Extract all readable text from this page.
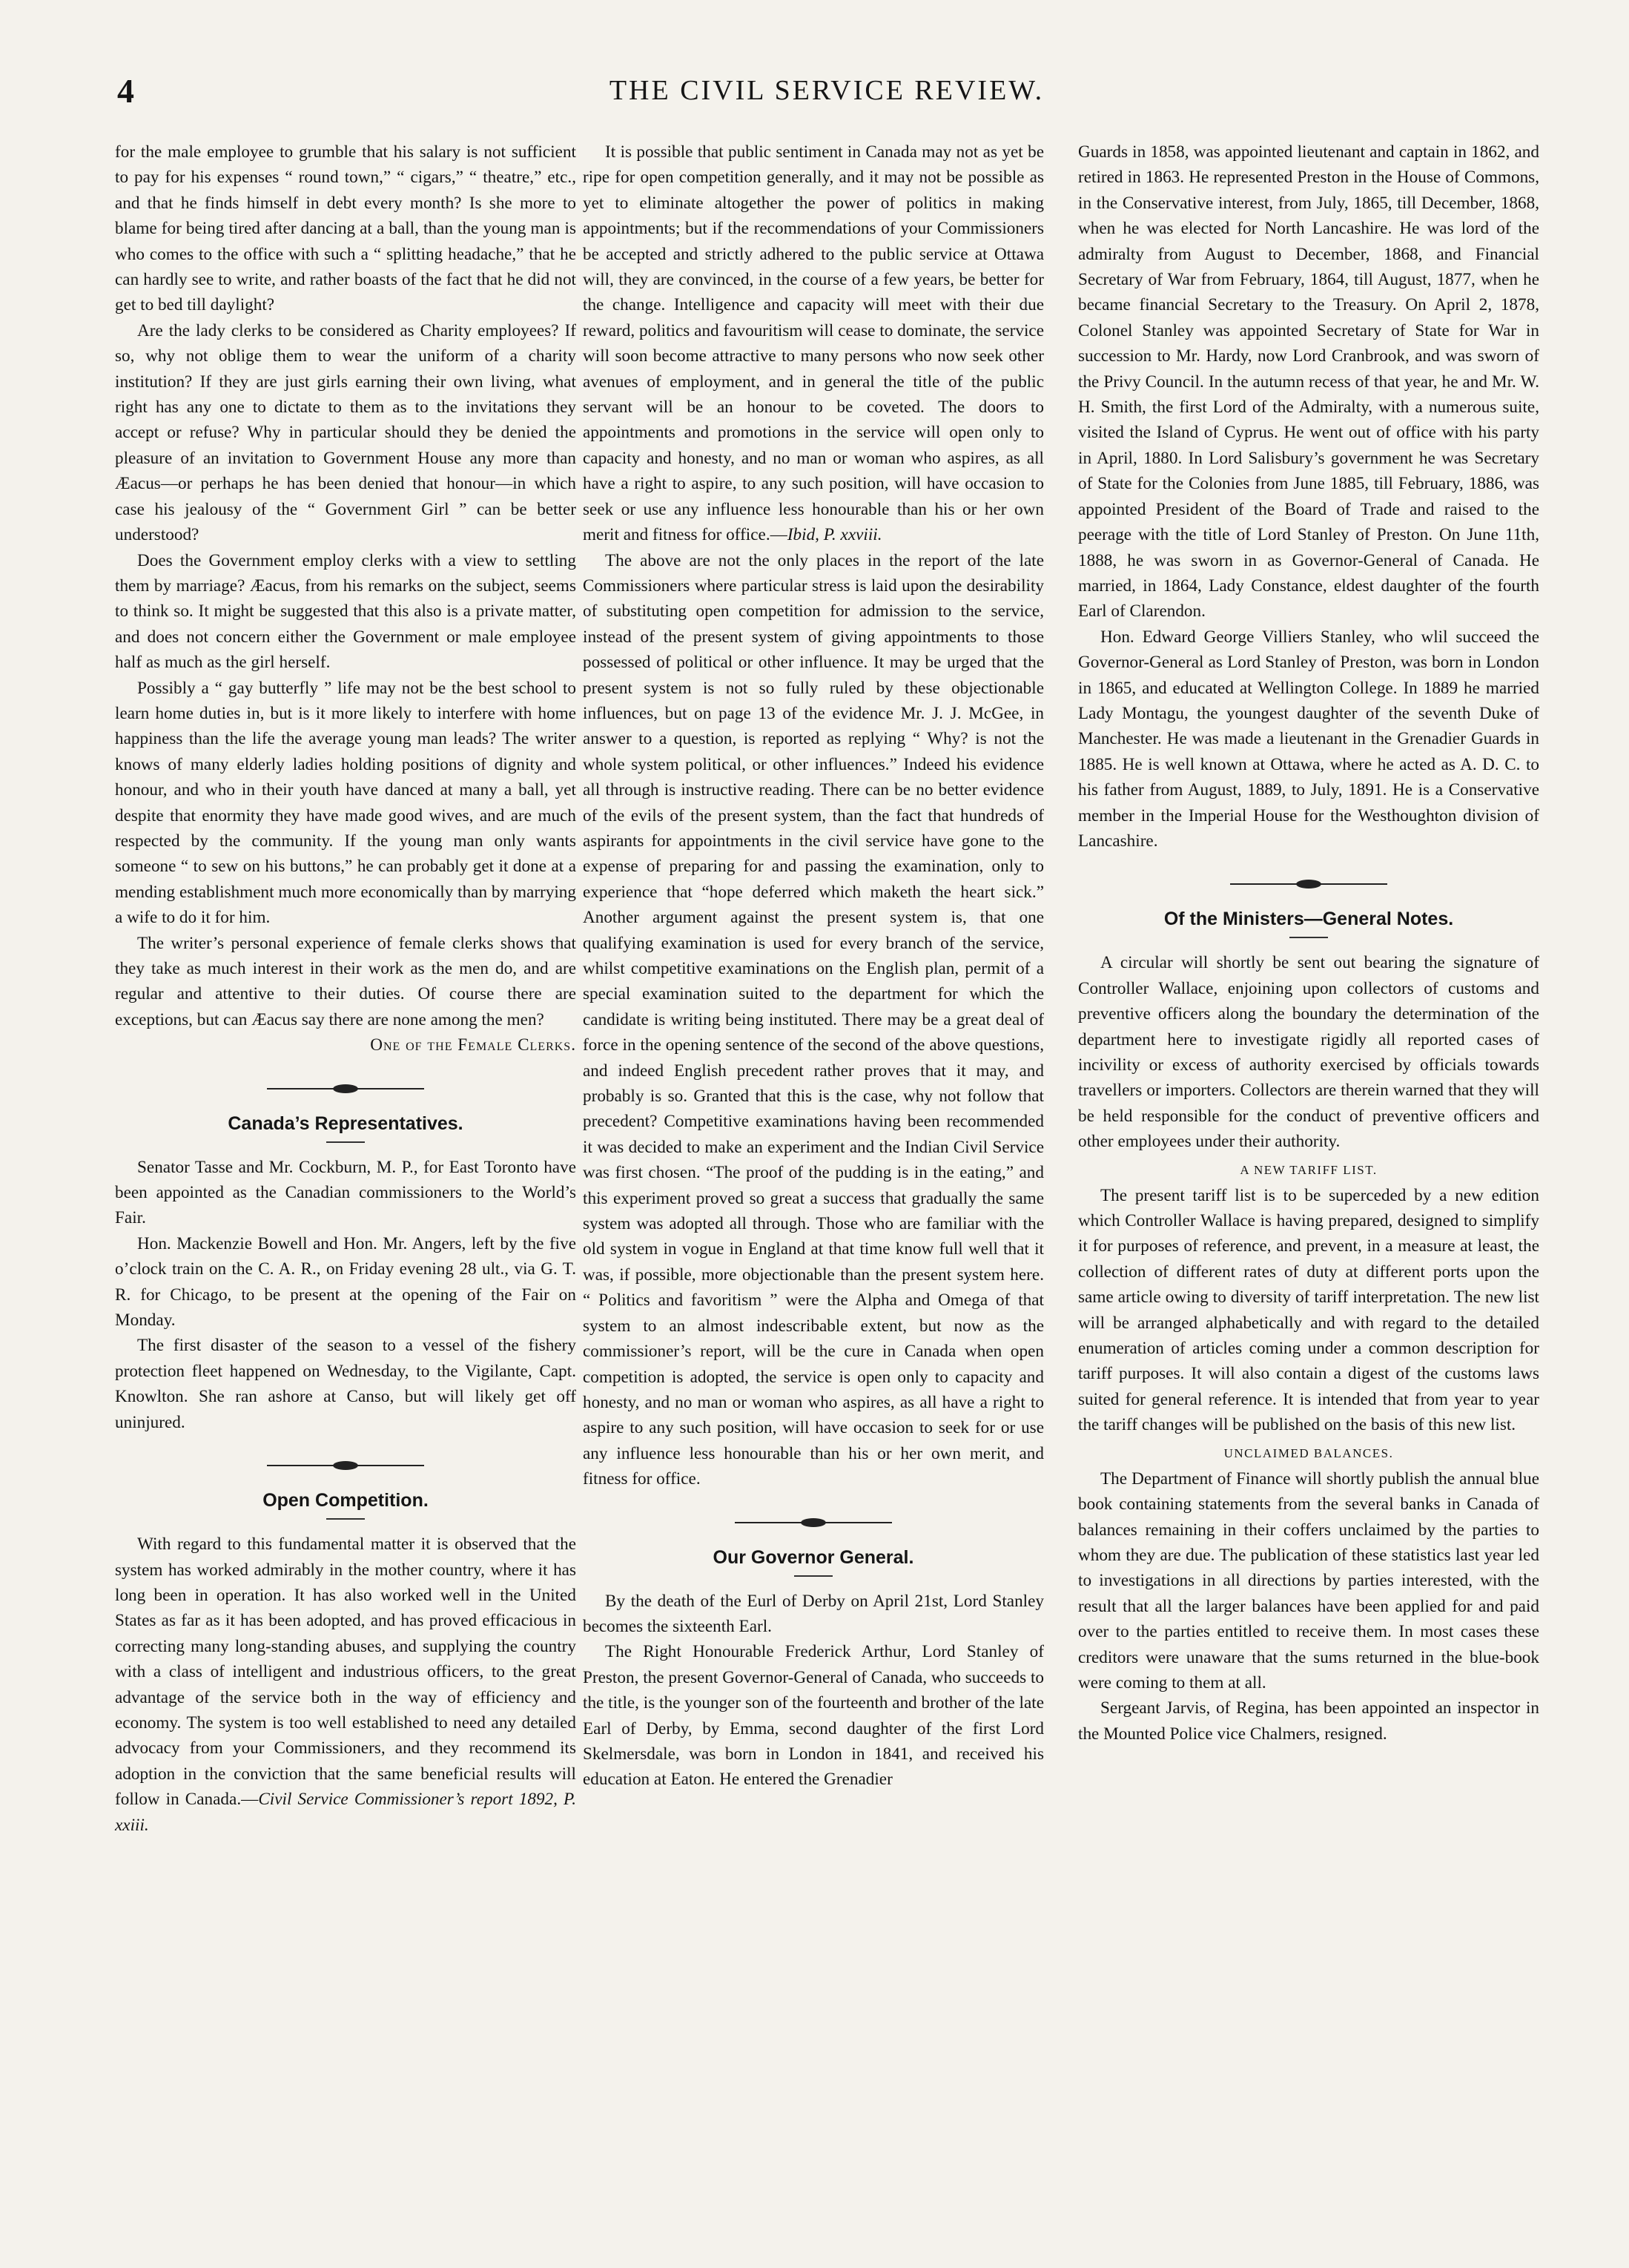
4	THE CIVIL SERVICE REVIEW.

for the male employee to grumble that his salary is not sufficient to pay for his expenses “ round town,” “ cigars,” “ theatre,” etc., and that he finds himself in debt every month? Is she more to blame for being tired after dancing at a ball, than the young man is who comes to the office with such a “ splitting headache,” that he can hardly see to write, and rather boasts of the fact that he did not get to bed till daylight?

Are the lady clerks to be considered as Charity employees? If so, why not oblige them to wear the uniform of a charity institution? If they are just girls earning their own living, what right has any one to dictate to them as to the invitations they accept or refuse? Why in particular should they be denied the pleasure of an invitation to Government House any more than Æacus—or perhaps he has been denied that honour—in which case his jealousy of the “ Government Girl ” can be better understood?

Does the Government employ clerks with a view to settling them by marriage? Æacus, from his remarks on the subject, seems to think so. It might be suggested that this also is a private matter, and does not concern either the Government or male employee half as much as the girl herself.

Possibly a “ gay butterfly ” life may not be the best school to learn home duties in, but is it more likely to interfere with home happiness than the life the average young man leads? The writer knows of many elderly ladies holding positions of dignity and honour, and who in their youth have danced at many a ball, yet despite that enormity they have made good wives, and are much respected by the community. If the young man only wants someone “ to sew on his buttons,” he can probably get it done at a mending establishment much more economically than by marrying a wife to do it for him.

The writer’s personal experience of female clerks shows that they take as much interest in their work as the men do, and are regular and attentive to their duties. Of course there are exceptions, but can Æacus say there are none among the men?

One of the Female Clerks.

Canada’s Representatives.

Senator Tasse and Mr. Cockburn, M. P., for East Toronto have been appointed as the Canadian commissioners to the World’s Fair.

Hon. Mackenzie Bowell and Hon. Mr. Angers, left by the five o’clock train on the C. A. R., on Friday evening 28 ult., via G. T. R. for Chicago, to be present at the opening of the Fair on Monday.

The first disaster of the season to a vessel of the fishery protection fleet happened on Wednesday, to the Vigilante, Capt. Knowlton. She ran ashore at Canso, but will likely get off uninjured.

Open Competition.

With regard to this fundamental matter it is observed that the system has worked admirably in the mother country, where it has long been in operation. It has also worked well in the United States as far as it has been adopted, and has proved efficacious in correcting many long-standing abuses, and supplying the country with a class of intelligent and industrious officers, to the great advantage of the service both in the way of efficiency and economy. The system is too well established to need any detailed advocacy from your Commissioners, and they recommend its adoption in the conviction that the same beneficial results will follow in Canada.—Civil Service Commissioner’s report 1892, P. xxiii.

It is possible that public sentiment in Canada may not as yet be ripe for open competition generally, and it may not be possible as yet to eliminate altogether the power of politics in making appointments; but if the recommendations of your Commissioners be accepted and strictly adhered to the public service at Ottawa will, they are convinced, in the course of a few years, be better for the change. Intelligence and capacity will meet with their due reward, politics and favouritism will cease to dominate, the service will soon become attractive to many persons who now seek other avenues of employment, and in general the title of the public servant will be an honour to be coveted. The doors to appointments and promotions in the service will open only to capacity and honesty, and no man or woman who aspires, as all have a right to aspire, to any such position, will have occasion to seek or use any influence less honourable than his or her own merit and fitness for office.—Ibid, P. xxviii.

The above are not the only places in the report of the late Commissioners where particular stress is laid upon the desirability of substituting open competition for admission to the service, instead of the present system of giving appointments to those possessed of political or other influence. It may be urged that the present system is not so fully ruled by these objectionable influences, but on page 13 of the evidence Mr. J. J. McGee, in answer to a question, is reported as replying “ Why? is not the whole system political, or other influences.” Indeed his evidence all through is instructive reading. There can be no better evidence of the evils of the present system, than the fact that hundreds of aspirants for appointments in the civil service have gone to the expense of preparing for and passing the examination, only to experience that “hope deferred which maketh the heart sick.” Another argument against the present system is, that one qualifying examination is used for every branch of the service, whilst competitive examinations on the English plan, permit of a special examination suited to the department for which the candidate is writing being instituted. There may be a great deal of force in the opening sentence of the second of the above questions, and indeed English precedent rather proves that it may, and probably is so. Granted that this is the case, why not follow that precedent? Competitive examinations having been recommended it was decided to make an experiment and the Indian Civil Service was first chosen. “The proof of the pudding is in the eating,” and this experiment proved so great a success that gradually the same system was adopted all through. Those who are familiar with the old system in vogue in England at that time know full well that it was, if possible, more objectionable than the present system here. “ Politics and favoritism ” were the Alpha and Omega of that system to an almost indescribable extent, but now as the commissioner’s report, will be the cure in Canada when open competition is adopted, the service is open only to capacity and honesty, and no man or woman who aspires, as all have a right to aspire to any such position, will have occasion to seek for or use any influence less honourable than his or her own merit, and fitness for office.

Our Governor General.

By the death of the Eurl of Derby on April 21st, Lord Stanley becomes the sixteenth Earl.

The Right Honourable Frederick Arthur, Lord Stanley of Preston, the present Governor-General of Canada, who succeeds to the title, is the younger son of the fourteenth and brother of the late Earl of Derby, by Emma, second daughter of the first Lord Skelmersdale, was born in London in 1841, and received his education at Eaton. He entered the Grenadier

Guards in 1858, was appointed lieutenant and captain in 1862, and retired in 1863. He represented Preston in the House of Commons, in the Conservative interest, from July, 1865, till December, 1868, when he was elected for North Lancashire. He was lord of the admiralty from August to December, 1868, and Financial Secretary of War from February, 1864, till August, 1877, when he became financial Secretary to the Treasury. On April 2, 1878, Colonel Stanley was appointed Secretary of State for War in succession to Mr. Hardy, now Lord Cranbrook, and was sworn of the Privy Council. In the autumn recess of that year, he and Mr. W. H. Smith, the first Lord of the Admiralty, with a numerous suite, visited the Island of Cyprus. He went out of office with his party in April, 1880. In Lord Salisbury’s government he was Secretary of State for the Colonies from June 1885, till February, 1886, was appointed President of the Board of Trade and raised to the peerage with the title of Lord Stanley of Preston. On June 11th, 1888, he was sworn in as Governor-General of Canada. He married, in 1864, Lady Constance, eldest daughter of the fourth Earl of Clarendon.

Hon. Edward George Villiers Stanley, who wlil succeed the Governor-General as Lord Stanley of Preston, was born in London in 1865, and educated at Wellington College. In 1889 he married Lady Montagu, the youngest daughter of the seventh Duke of Manchester. He was made a lieutenant in the Grenadier Guards in 1885. He is well known at Ottawa, where he acted as A. D. C. to his father from August, 1889, to July, 1891. He is a Conservative member in the Imperial House for the Westhoughton division of Lancashire.

Of the Ministers—General Notes.

A circular will shortly be sent out bearing the signature of Controller Wallace, enjoining upon collectors of customs and preventive officers along the boundary the determination of the department here to investigate rigidly all reported cases of incivility or excess of authority exercised by officials towards travellers or importers. Collectors are therein warned that they will be held responsible for the conduct of preventive officers and other employees under their authority.

A NEW TARIFF LIST.

The present tariff list is to be superceded by a new edition which Controller Wallace is having prepared, designed to simplify it for purposes of reference, and prevent, in a measure at least, the collection of different rates of duty at different ports upon the same article owing to diversity of tariff interpretation. The new list will be arranged alphabetically and with regard to the detailed enumeration of articles coming under a common description for tariff purposes. It will also contain a digest of the customs laws suited for general reference. It is intended that from year to year the tariff changes will be published on the basis of this new list.

UNCLAIMED BALANCES.

The Department of Finance will shortly publish the annual blue book containing statements from the several banks in Canada of balances remaining in their coffers unclaimed by the parties to whom they are due. The publication of these statistics last year led to investigations in all directions by parties interested, with the result that all the larger balances have been applied for and paid over to the parties entitled to receive them. In most cases these creditors were unaware that the sums returned in the blue-book were coming to them at all.

Sergeant Jarvis, of Regina, has been appointed an inspector in the Mounted Police vice Chalmers, resigned.
